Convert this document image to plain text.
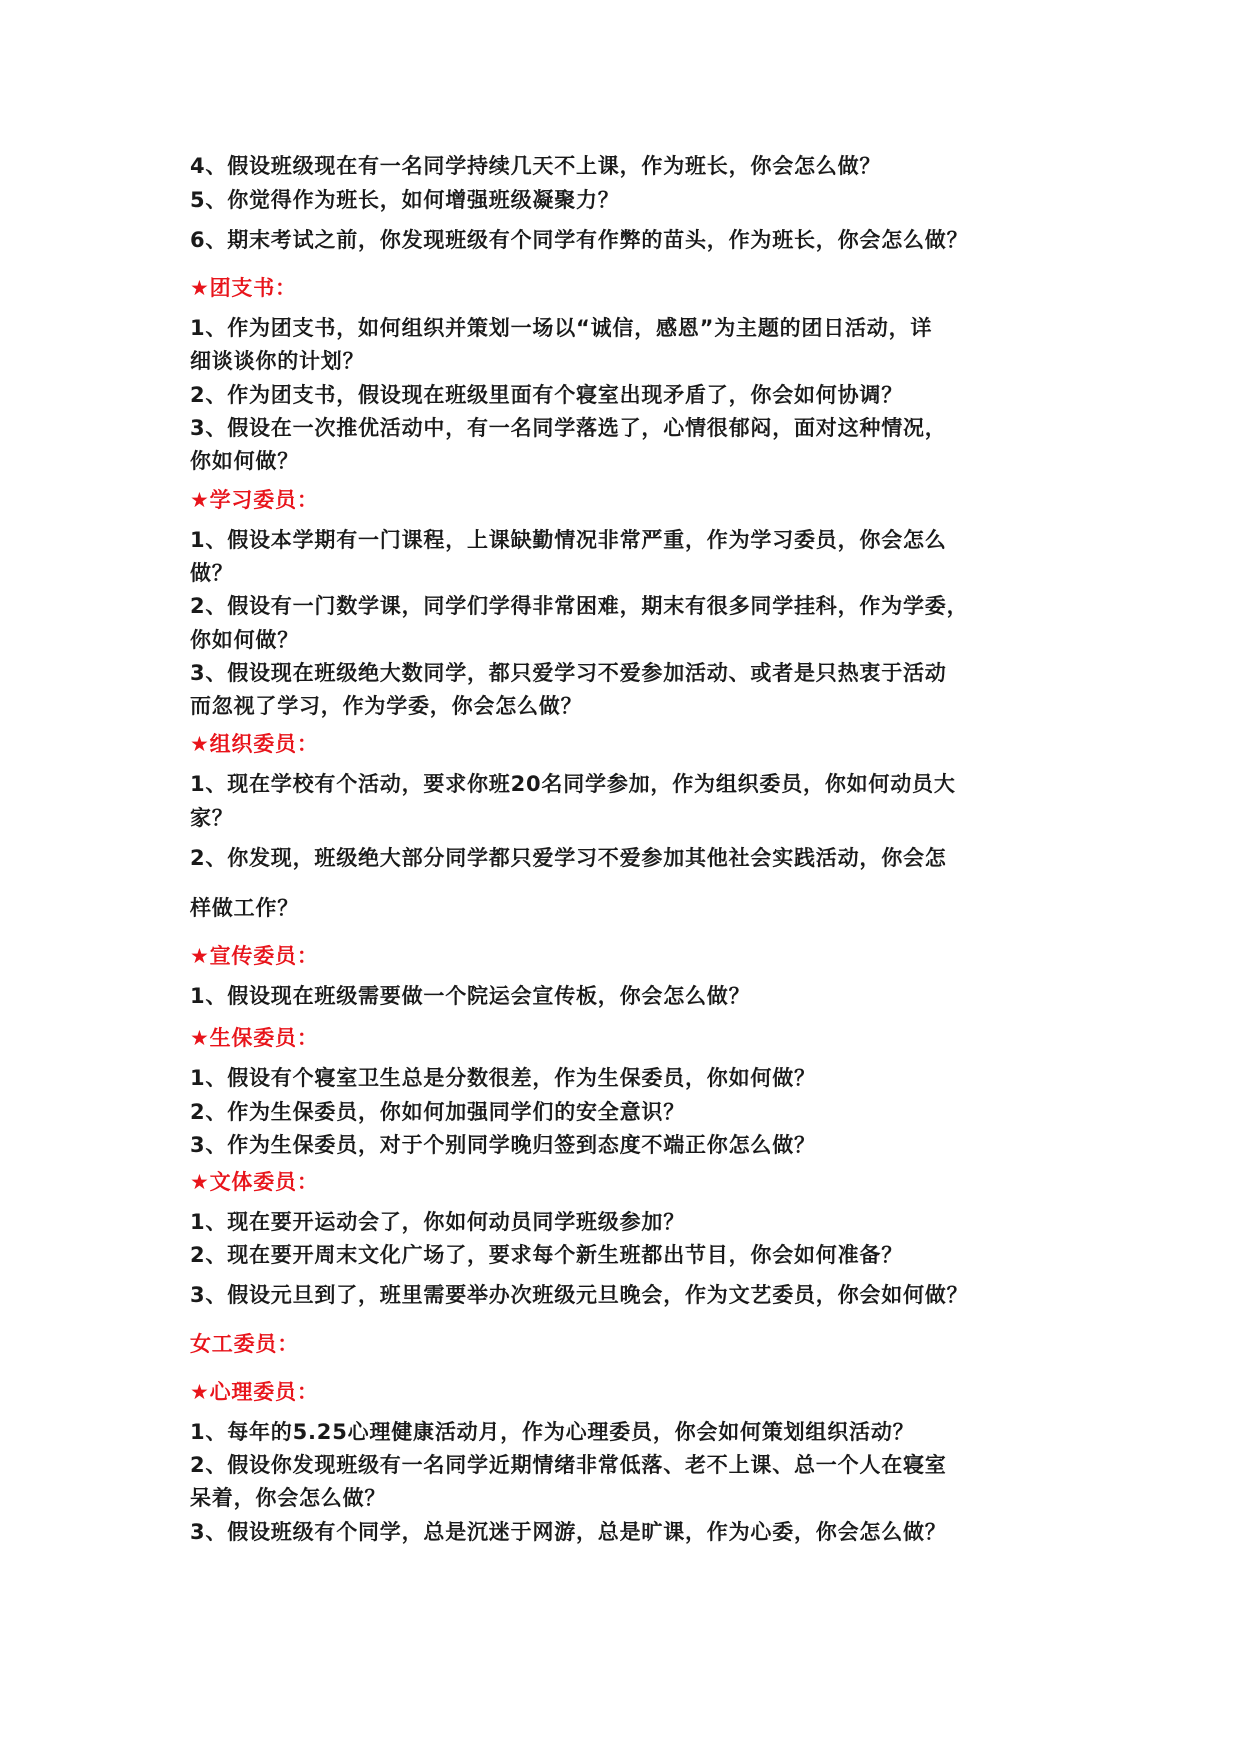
4、假设班级现在有一名同学持续几天不上课，作为班长，你会怎么做？
5、你觉得作为班长，如何增强班级凝聚力？
6、期末考试之前，你发现班级有个同学有作弊的苗头，作为班长，你会怎么做？
★团支书：
1、作为团支书，如何组织并策划一场以“诚信，感恩”为主题的团日活动，详
细谈谈你的计划？
2、作为团支书，假设现在班级里面有个寝室出现矛盾了，你会如何协调？
3、假设在一次推优活动中，有一名同学落选了，心情很郁闷，面对这种情况，
你如何做？
★学习委员：
1、假设本学期有一门课程，上课缺勤情况非常严重，作为学习委员，你会怎么
做？
2、假设有一门数学课，同学们学得非常困难，期末有很多同学挂科，作为学委，
你如何做？
3、假设现在班级绝大数同学，都只爱学习不爱参加活动、或者是只热衷于活动
而忽视了学习，作为学委，你会怎么做？
★组织委员：
1、现在学校有个活动，要求你班20名同学参加，作为组织委员，你如何动员大
家？
2、你发现，班级绝大部分同学都只爱学习不爱参加其他社会实践活动，你会怎
样做工作？
★宣传委员：
1、假设现在班级需要做一个院运会宣传板，你会怎么做？
★生保委员：
1、假设有个寝室卫生总是分数很差，作为生保委员，你如何做？
2、作为生保委员，你如何加强同学们的安全意识？
3、作为生保委员，对于个别同学晚归签到态度不端正你怎么做？
★文体委员：
1、现在要开运动会了，你如何动员同学班级参加？
2、现在要开周末文化广场了，要求每个新生班都出节目，你会如何准备？
3、假设元旦到了，班里需要举办次班级元旦晚会，作为文艺委员，你会如何做？
女工委员：
★心理委员：
1、每年的5.25心理健康活动月，作为心理委员，你会如何策划组织活动？
2、假设你发现班级有一名同学近期情绪非常低落、老不上课、总一个人在寝室
呆着，你会怎么做？
3、假设班级有个同学，总是沉迷于网游，总是旷课，作为心委，你会怎么做？
